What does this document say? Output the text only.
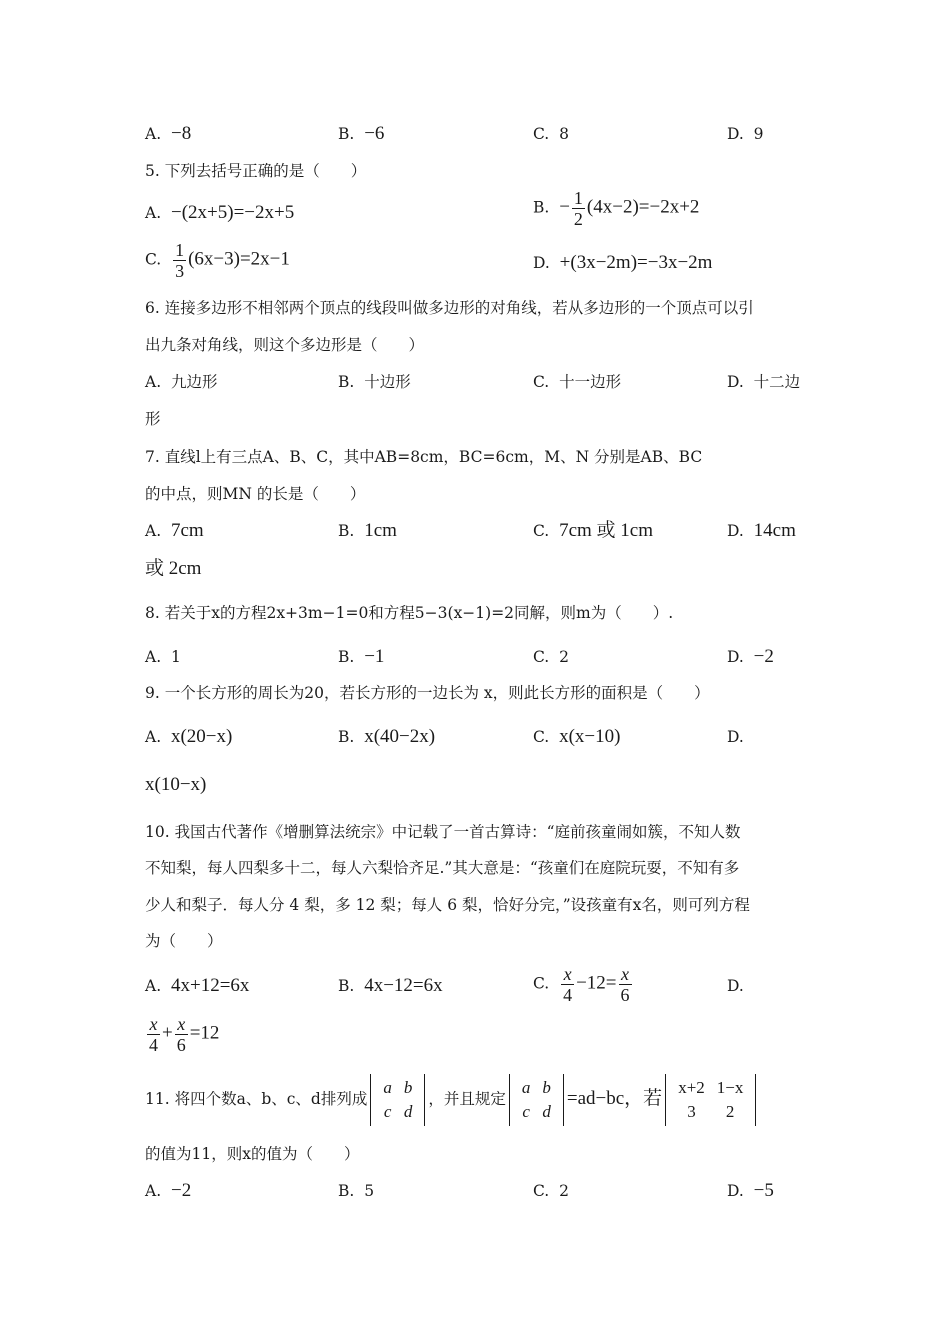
A. −8	B. −6	C. 8	D. 9
5. 下列去括号正确的是（　　）
A. −(2x+5)=−2x+5	B. − $\frac{1}{2} (4x-2)=-2x+2$
C. $\frac{1}{3} (6x-3)=2x-1$	D. +(3x−2m)=−3x−2m
6. 连接多边形不相邻两个顶点的线段叫做多边形的对角线，若从多边形的一个顶点可以引
出九条对角线，则这个多边形是（　　）
A. 九边形	B. 十边形	C. 十一边形	D. 十二边
形
7. 直线l上有三点A、B、C，其中AB=8cm，BC=6cm，M、N 分别是AB、BC
的中点，则MN 的长是（　　）
A. 7cm	B. 1cm	C. 7cm 或 1cm	D. 14cm
或 2cm
8. 若关于x的方程2x+3m−1=0和方程5−3(x−1)=2同解，则m为（　　）.
A. 1	B. −1	C. 2	D. −2
9. 一个长方形的周长为20，若长方形的一边长为 x，则此长方形的面积是（　　）
A. x(20−x)	B. x(40−2x)	C. x(x−10)	D.
x(10−x)
10. 我国古代著作《增删算法统宗》中记载了一首古算诗：“庭前孩童闹如簇，不知人数
不知梨，每人四梨多十二，每人六梨恰齐足.”其大意是：“孩童们在庭院玩耍，不知有多
少人和梨子．每人分 4 梨，多 12 梨；每人 6 梨，恰好分完，”设孩童有x名，则可列方程
为（　　）
A. 4x+12=6x	B. 4x−12=6x	C. $\frac{x}{4} -12= \frac{x}{6}$	D.
$\frac{x}{4} + \frac{x}{6} =12$
11. 将四个数a、b、c、d排列成
a	b
c	d
，并且规定
a	b
c	d
=ad−bc，若
x+2	1−x
3	2
的值为11，则x的值为（　　）
A. −2	B. 5	C. 2	D. −5
